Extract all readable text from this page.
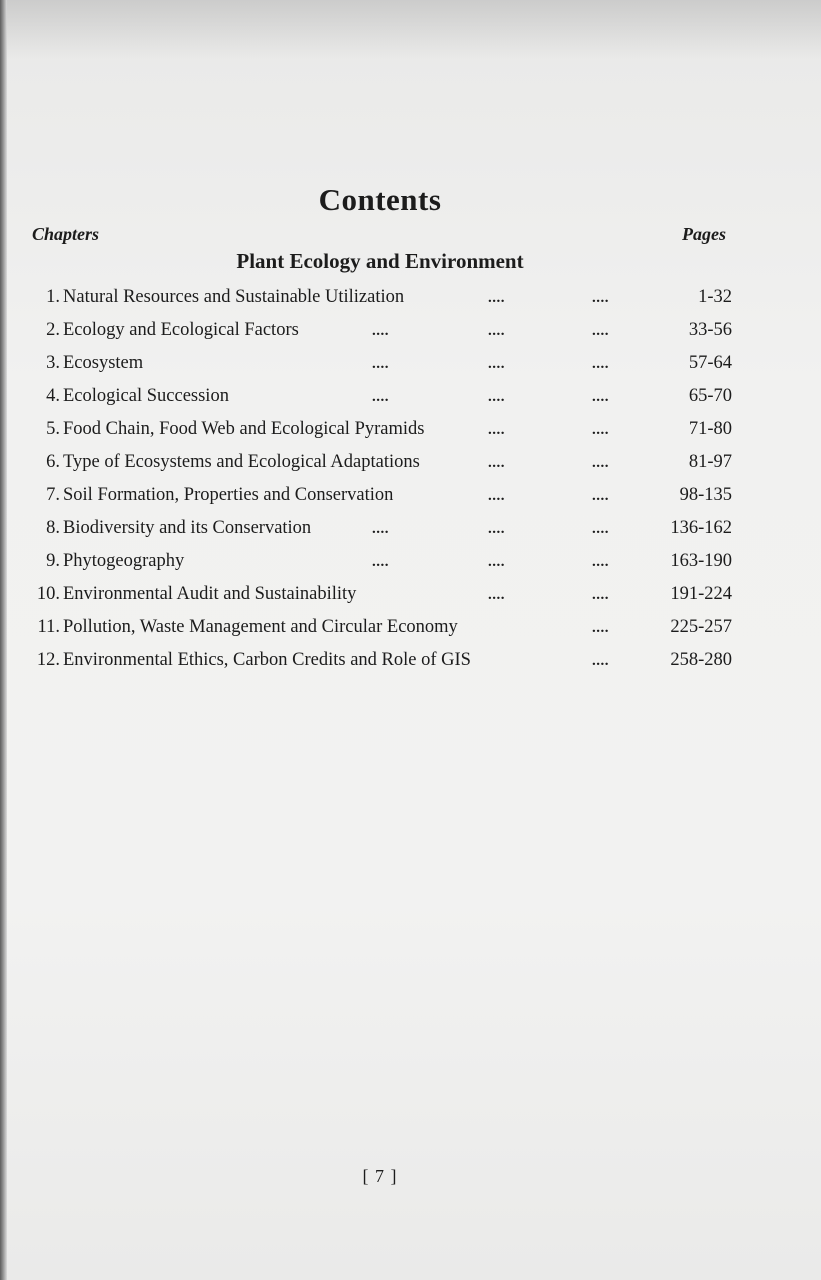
Contents
Chapters	Pages
Plant Ecology and Environment
1. Natural Resources and Sustainable Utilization	....	....	1-32
2. Ecology and Ecological Factors	....	....	....	33-56
3. Ecosystem	....	....	....	57-64
4. Ecological Succession	....	....	....	65-70
5. Food Chain, Food Web and Ecological Pyramids	....	....	71-80
6. Type of Ecosystems and Ecological Adaptations	....	....	81-97
7. Soil Formation, Properties and Conservation	....	....	98-135
8. Biodiversity and its Conservation	....	....	....	136-162
9. Phytogeography	....	....	....	163-190
10. Environmental Audit and Sustainability	....	....	191-224
11. Pollution, Waste Management and Circular Economy	....	225-257
12. Environmental Ethics, Carbon Credits and Role of GIS	....	258-280
[ 7 ]
